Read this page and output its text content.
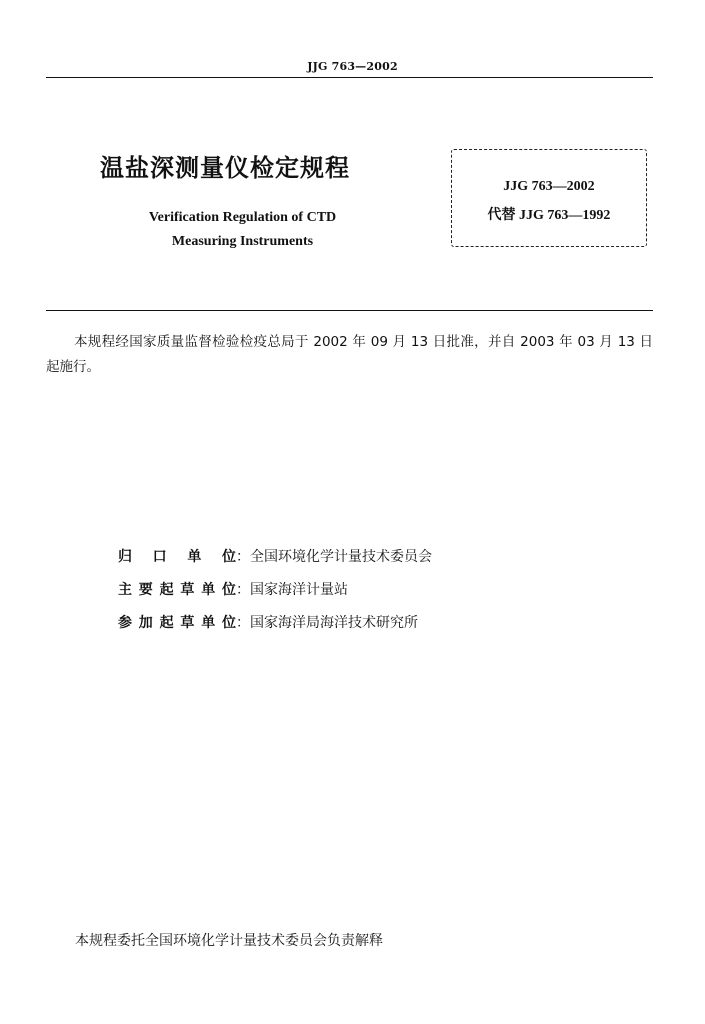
JJG 763—2002
温盐深测量仪检定规程
Verification Regulation of CTD
Measuring Instruments
JJG 763—2002
代替 JJG 763—1992
本规程经国家质量监督检验检疫总局于 2002 年 09 月 13 日批准，并自 2003 年 03 月 13 日起施行。
归 口 单 位：全国环境化学计量技术委员会
主要起草单位：国家海洋计量站
参加起草单位：国家海洋局海洋技术研究所
本规程委托全国环境化学计量技术委员会负责解释
